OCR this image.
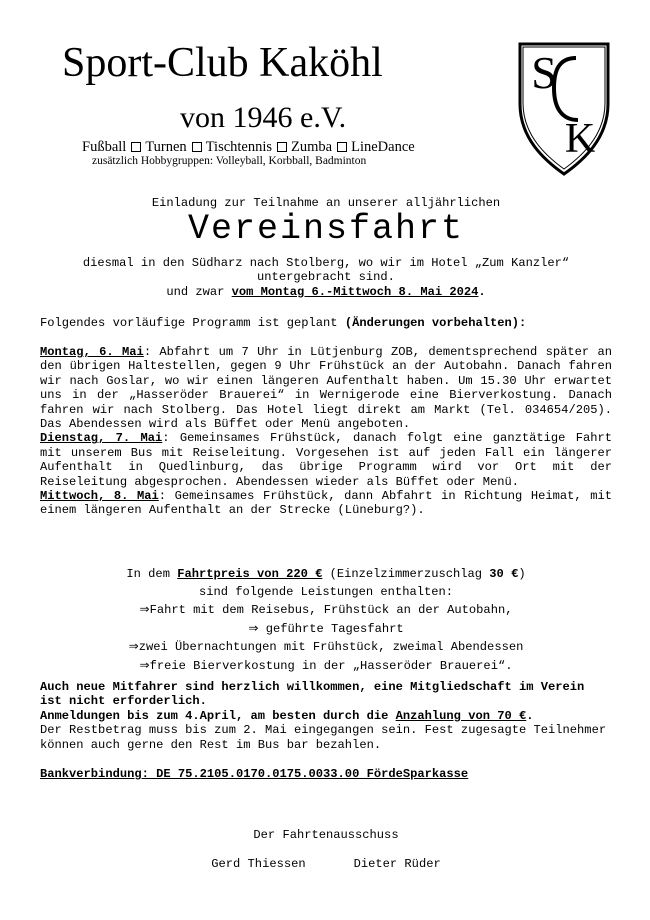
Sport-Club Kaköhl
von 1946 e.V.
Fußball Turnen Tischtennis Zumba LineDance
zusätzlich Hobbygruppen: Volleyball, Korbball, Badminton
S
K
Einladung zur Teilnahme an unserer alljährlichen
Vereinsfahrt
diesmal in den Südharz nach Stolberg, wo wir im Hotel „Zum Kanzler“ untergebracht sind.
und zwar vom Montag 6.-Mittwoch 8. Mai 2024.
Folgendes vorläufige Programm ist geplant (Änderungen vorbehalten):
Montag, 6. Mai: Abfahrt um 7 Uhr in Lütjenburg ZOB, dementsprechend später an den übrigen Haltestellen, gegen 9 Uhr Frühstück an der Autobahn. Danach fahren wir nach Goslar, wo wir einen längeren Aufenthalt haben. Um 15.30 Uhr erwartet uns in der „Hasseröder Brauerei“ in Wernigerode eine Bierverkostung. Danach fahren wir nach Stolberg. Das Hotel liegt direkt am Markt (Tel. 034654/205). Das Abendessen wird als Büffet oder Menü angeboten.
Dienstag, 7. Mai: Gemeinsames Frühstück, danach folgt eine ganztätige Fahrt mit unserem Bus mit Reiseleitung. Vorgesehen ist auf jeden Fall ein längerer Aufenthalt in Quedlinburg, das übrige Programm wird vor Ort mit der Reiseleitung abgesprochen. Abendessen wieder als Büffet oder Menü.
Mittwoch, 8. Mai: Gemeinsames Frühstück, dann Abfahrt in Richtung Heimat, mit einem längeren Aufenthalt an der Strecke (Lüneburg?).
In dem Fahrtpreis von 220 € (Einzelzimmerzuschlag 30 €)
sind folgende Leistungen enthalten:
⇒Fahrt mit dem Reisebus, Frühstück an der Autobahn,
⇒ geführte Tagesfahrt
⇒zwei Übernachtungen mit Frühstück, zweimal Abendessen
⇒freie Bierverkostung in der „Hasseröder Brauerei“.
Auch neue Mitfahrer sind herzlich willkommen, eine Mitgliedschaft im Verein ist nicht erforderlich.
Anmeldungen bis zum 4.April, am besten durch die Anzahlung von 70 €.
Der Restbetrag muss bis zum 2. Mai eingegangen sein. Fest zugesagte Teilnehmer können auch gerne den Rest im Bus bar bezahlen.
Bankverbindung: DE 75.2105.0170.0175.0033.00 FördeSparkasse
Der Fahrtenausschuss
Gerd Thiessen	Dieter Rüder
